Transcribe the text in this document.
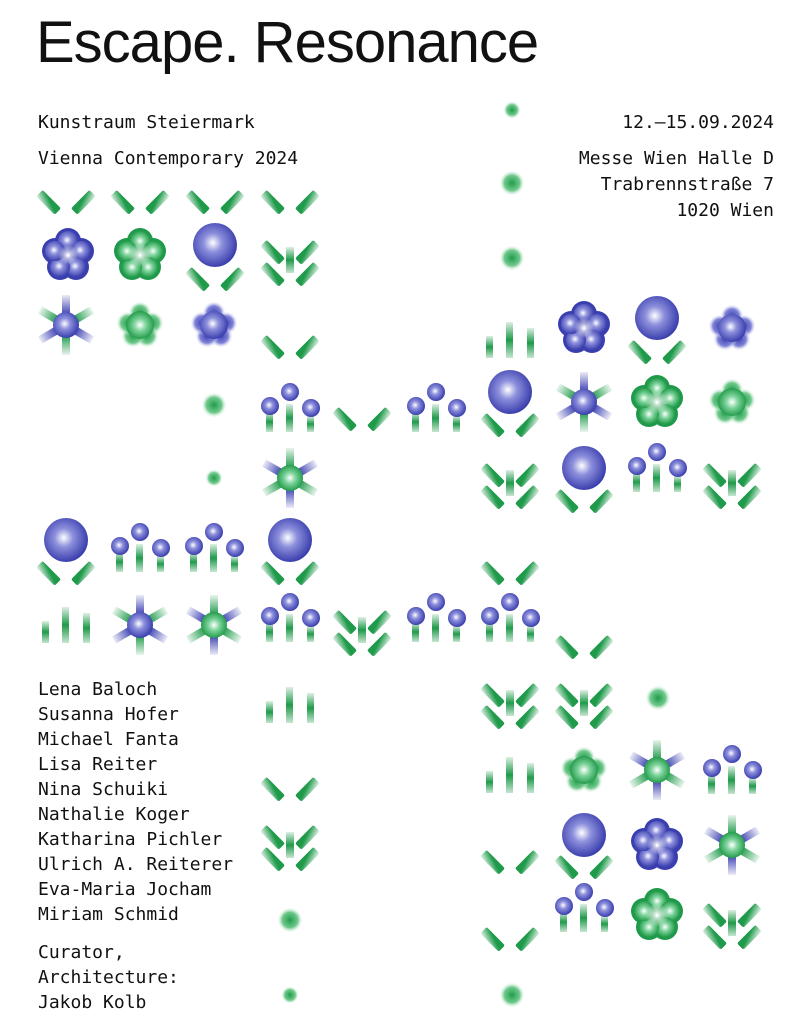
Escape. Resonance
Kunstraum Steiermark
Vienna Contemporary 2024
12.–15.09.2024
Messe Wien Halle D
Trabrennstraße 7
1020 Wien
Lena Baloch
Susanna Hofer
Michael Fanta
Lisa Reiter
Nina Schuiki
Nathalie Koger
Katharina Pichler
Ulrich A. Reiterer
Eva-Maria Jocham
Miriam Schmid
Curator,
Architecture:
Jakob Kolb
